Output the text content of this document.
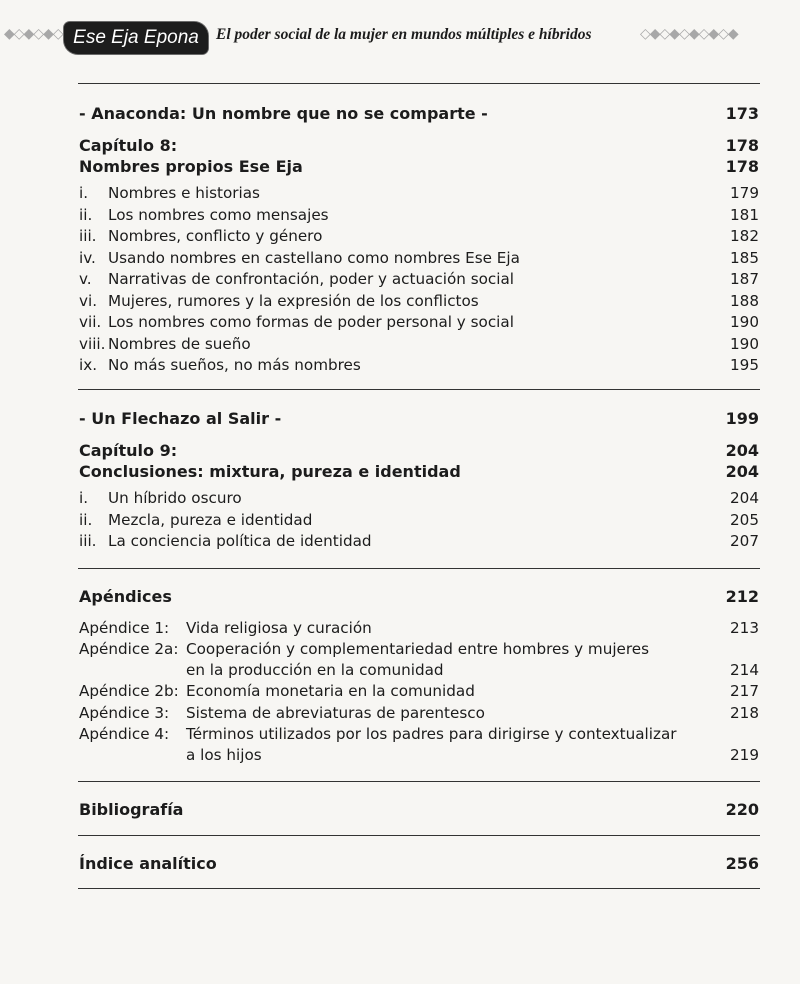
◆◇◆◇◆◇ Ese Eja Epona	El poder social de la mujer en mundos múltiples e híbridos	◇◆◇◆◇◆◇◆◇◆
- Anaconda: Un nombre que no se comparte -	173
Capítulo 8:	178
Nombres propios Ese Eja	178
i. Nombres e historias	179
ii. Los nombres como mensajes	181
iii. Nombres, conflicto y género	182
iv. Usando nombres en castellano como nombres Ese Eja	185
v. Narrativas de confrontación, poder y actuación social	187
vi. Mujeres, rumores y la expresión de los conflictos	188
vii. Los nombres como formas de poder personal y social	190
viii. Nombres de sueño	190
ix. No más sueños, no más nombres	195
- Un Flechazo al Salir -	199
Capítulo 9:	204
Conclusiones: mixtura, pureza e identidad	204
i. Un híbrido oscuro	204
ii. Mezcla, pureza e identidad	205
iii. La conciencia política de identidad	207
Apéndices	212
Apéndice 1: Vida religiosa y curación	213
Apéndice 2a: Cooperación y complementariedad entre hombres y mujeres
en la producción en la comunidad	214
Apéndice 2b: Economía monetaria en la comunidad	217
Apéndice 3: Sistema de abreviaturas de parentesco	218
Apéndice 4: Términos utilizados por los padres para dirigirse y contextualizar
a los hijos	219
Bibliografía	220
Índice analítico	256
